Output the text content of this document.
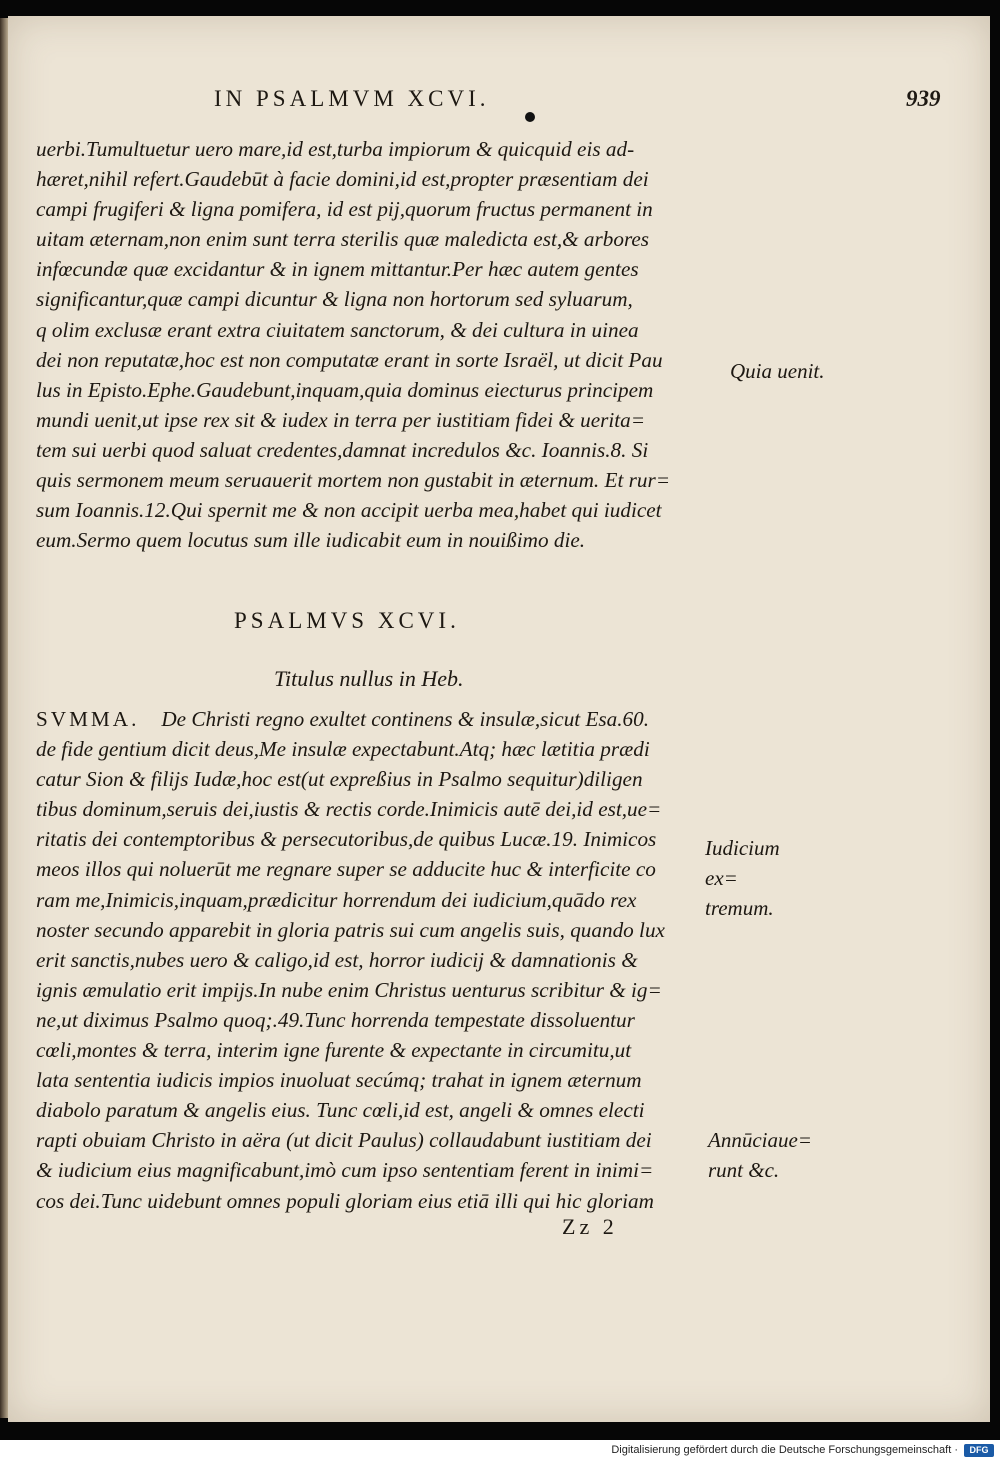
IN PSALMVM XCVI.	939
uerbi.Tumultuetur uero mare,id est,turba impiorum & quicquid eis ad-
hæret,nihil refert.Gaudebūt à facie domini,id est,propter præsentiam dei
campi frugiferi & ligna pomifera, id est pij,quorum fructus permanent in
uitam æternam,non enim sunt terra sterilis quæ maledicta est,& arbores
infœcundæ quæ excidantur & in ignem mittantur.Per hæc autem gentes
significantur,quæ campi dicuntur & ligna non hortorum sed syluarum,
q olim exclusæ erant extra ciuitatem sanctorum, & dei cultura in uinea
dei non reputatæ,hoc est non computatæ erant in sorte Israël, ut dicit Pau
lus in Episto.Ephe.Gaudebunt,inquam,quia dominus eiecturus principem
mundi uenit,ut ipse rex sit & iudex in terra per iustitiam fidei & uerita=
tem sui uerbi quod saluat credentes,damnat incredulos &c. Ioannis.8. Si
quis sermonem meum seruauerit mortem non gustabit in æternum. Et rur=
sum Ioannis.12.Qui spernit me & non accipit uerba mea,habet qui iudicet
eum.Sermo quem locutus sum ille iudicabit eum in nouißimo die.
PSALMVS XCVI.
Titulus nullus in Heb.
SVMMA. De Christi regno exultet continens & insulæ,sicut Esa.60.
de fide gentium dicit deus,Me insulæ expectabunt.Atq; hæc lætitia prædi
catur Sion & filijs Iudæ,hoc est(ut expreßius in Psalmo sequitur)diligen
tibus dominum,seruis dei,iustis & rectis corde.Inimicis autē dei,id est,ue=
ritatis dei contemptoribus & persecutoribus,de quibus Lucæ.19. Inimicos
meos illos qui noluerūt me regnare super se adducite huc & interficite co
ram me,Inimicis,inquam,prædicitur horrendum dei iudicium,quādo rex
noster secundo apparebit in gloria patris sui cum angelis suis, quando lux
erit sanctis,nubes uero & caligo,id est, horror iudicij & damnationis &
ignis æmulatio erit impijs.In nube enim Christus uenturus scribitur & ig=
ne,ut diximus Psalmo quoq;.49.Tunc horrenda tempestate dissoluentur
cœli,montes & terra, interim igne furente & expectante in circumitu,ut
lata sententia iudicis impios inuoluat secúmq; trahat in ignem æternum
diabolo paratum & angelis eius. Tunc cœli,id est, angeli & omnes electi
rapti obuiam Christo in aëra (ut dicit Paulus) collaudabunt iustitiam dei
& iudicium eius magnificabunt,imò cum ipso sententiam ferent in inimi=
cos dei.Tunc uidebunt omnes populi gloriam eius etiā illi qui hic gloriam
Quia uenit.
Iudicium ex=
tremum.
Annūciaue=
runt &c.
Zz 2
Digitalisierung gefördert durch die Deutsche Forschungsgemeinschaft ·	DFG
